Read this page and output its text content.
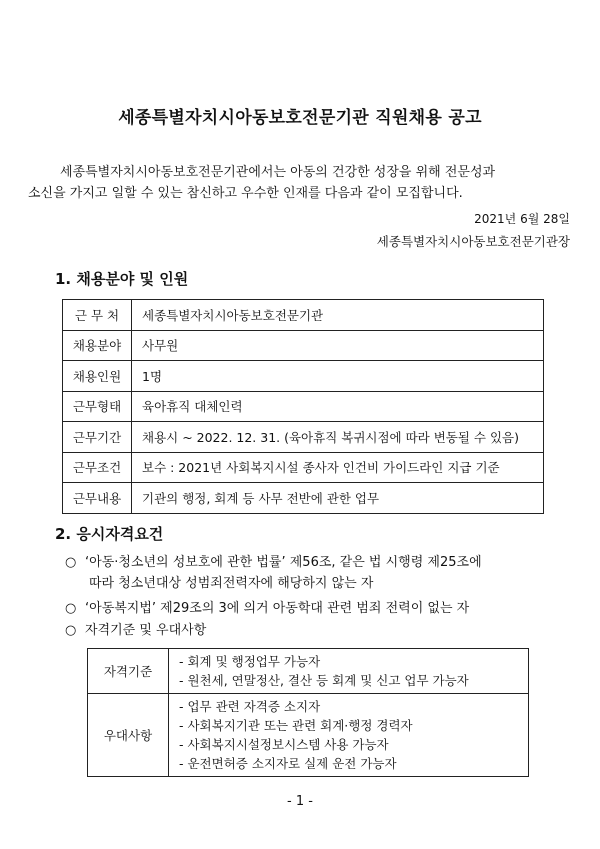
세종특별자치시아동보호전문기관 직원채용 공고
세종특별자치시아동보호전문기관에서는 아동의 건강한 성장을 위해 전문성과
소신을 가지고 일할 수 있는 참신하고 우수한 인재를 다음과 같이 모집합니다.
2021년 6월 28일
세종특별자치시아동보호전문기관장
1. 채용분야 및 인원
근 무 처	세종특별자치시아동보호전문기관
채용분야	사무원
채용인원	1명
근무형태	육아휴직 대체인력
근무기간	채용시 ~ 2022. 12. 31. (육아휴직 복귀시점에 따라 변동될 수 있음)
근무조건	보수 : 2021년 사회복지시설 종사자 인건비 가이드라인 지급 기준
근무내용	기관의 행정, 회계 등 사무 전반에 관한 업무
2. 응시자격요건
○ ‘아동·청소년의 성보호에 관한 법률’ 제56조, 같은 법 시행령 제25조에
따라 청소년대상 성범죄전력자에 해당하지 않는 자
○ ‘아동복지법’ 제29조의 3에 의거 아동학대 관련 범죄 전력이 없는 자
○ 자격기준 및 우대사항
자격기준	- 회계 및 행정업무 가능자
- 원천세, 연말정산, 결산 등 회계 및 신고 업무 가능자

우대사항	- 업무 관련 자격증 소지자
- 사회복지기관 또는 관련 회계·행정 경력자
- 사회복지시설정보시스템 사용 가능자
- 운전면허증 소지자로 실제 운전 가능자
- 1 -
